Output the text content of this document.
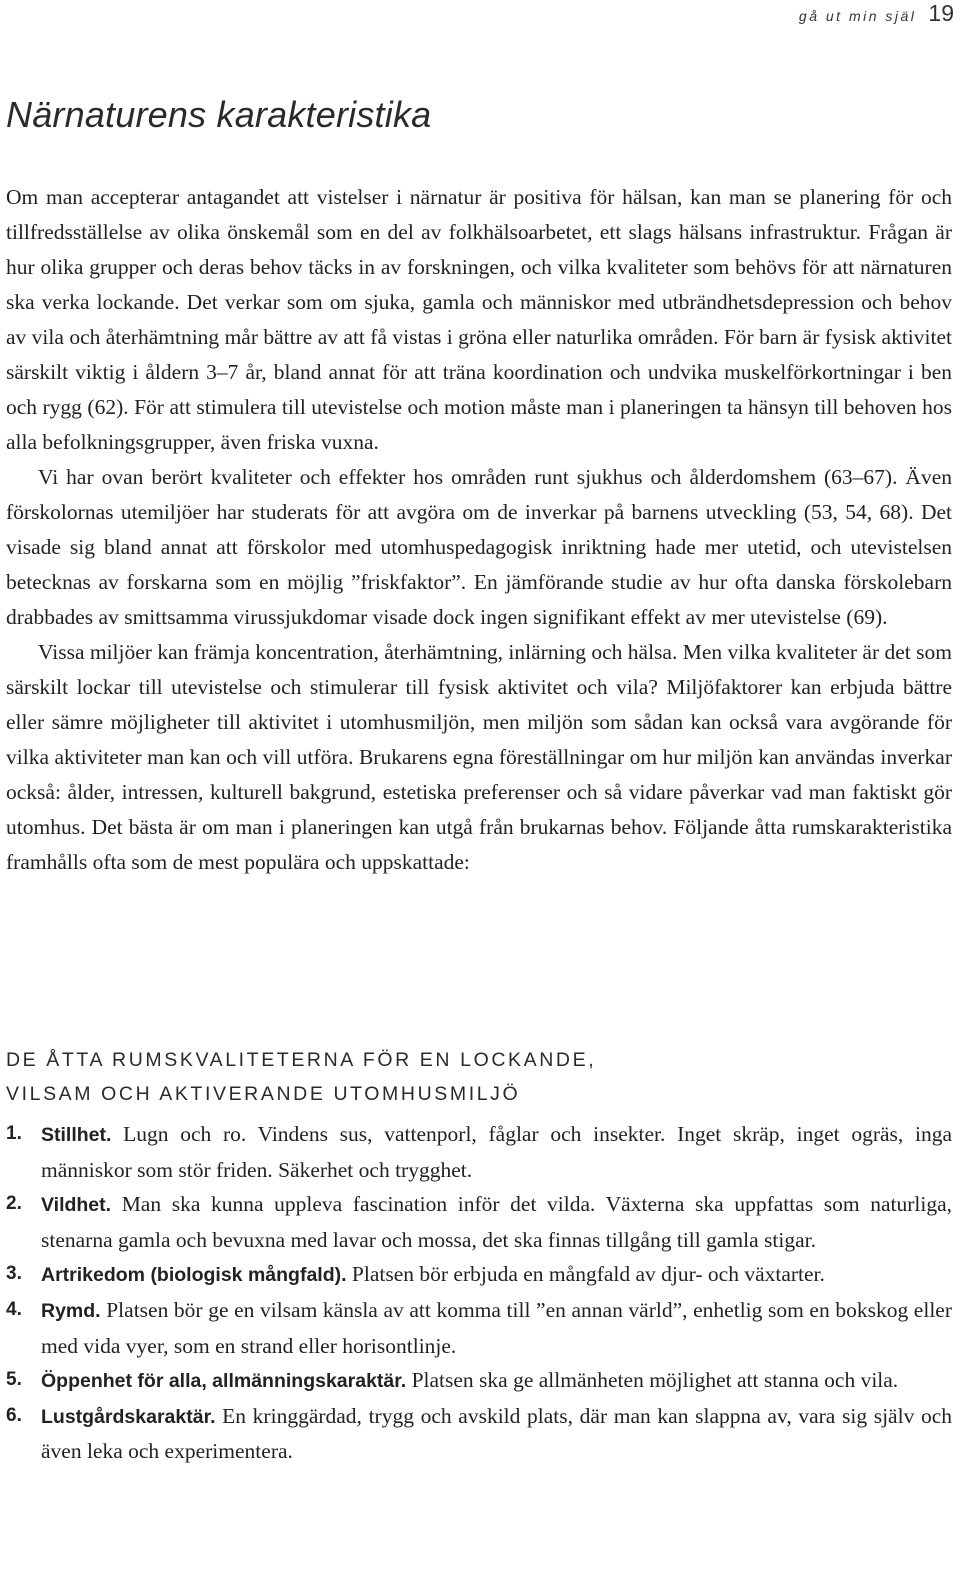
gå ut min själ 19
Närnaturens karakteristika

Om man accepterar antagandet att vistelser i närnatur är positiva för hälsan, kan man se planering för och tillfredsställelse av olika önskemål som en del av folkhälsoarbetet, ett slags hälsans infrastruktur. Frågan är hur olika grupper och deras behov täcks in av forskningen, och vilka kvaliteter som behövs för att närnaturen ska verka lockande. Det verkar som om sjuka, gamla och människor med utbrändhetsdepression och behov av vila och återhämtning mår bättre av att få vistas i gröna eller naturlika områden. För barn är fysisk aktivitet särskilt viktig i åldern 3–7 år, bland annat för att träna koordination och undvika muskelförkortningar i ben och rygg (62). För att stimulera till utevistelse och motion måste man i planeringen ta hänsyn till behoven hos alla befolkningsgrupper, även friska vuxna.

Vi har ovan berört kvaliteter och effekter hos områden runt sjukhus och ålderdomshem (63–67). Även förskolornas utemiljöer har studerats för att avgöra om de inverkar på barnens utveckling (53, 54, 68). Det visade sig bland annat att förskolor med utomhuspedagogisk inriktning hade mer utetid, och utevistelsen betecknas av forskarna som en möjlig ”friskfaktor”. En jämförande studie av hur ofta danska förskolebarn drabbades av smittsamma virussjukdomar visade dock ingen signifikant effekt av mer utevistelse (69).

Vissa miljöer kan främja koncentration, återhämtning, inlärning och hälsa. Men vilka kvaliteter är det som särskilt lockar till utevistelse och stimulerar till fysisk aktivitet och vila? Miljöfaktorer kan erbjuda bättre eller sämre möjligheter till aktivitet i utomhusmiljön, men miljön som sådan kan också vara avgörande för vilka aktiviteter man kan och vill utföra. Brukarens egna föreställningar om hur miljön kan användas inverkar också: ålder, intressen, kulturell bakgrund, estetiska preferenser och så vidare påverkar vad man faktiskt gör utomhus. Det bästa är om man i planeringen kan utgå från brukarnas behov. Följande åtta rumskarakteristika framhålls ofta som de mest populära och uppskattade:

DE ÅTTA RUMSKVALITETERNA FÖR EN LOCKANDE,
VILSAM OCH AKTIVERANDE UTOMHUSMILJÖ
1. Stillhet. Lugn och ro. Vindens sus, vattenporl, fåglar och insekter. Inget skräp, inget ogräs, inga människor som stör friden. Säkerhet och trygghet.
2. Vildhet. Man ska kunna uppleva fascination inför det vilda. Växterna ska uppfattas som naturliga, stenarna gamla och bevuxna med lavar och mossa, det ska finnas tillgång till gamla stigar.
3. Artrikedom (biologisk mångfald). Platsen bör erbjuda en mångfald av djur- och växtarter.
4. Rymd. Platsen bör ge en vilsam känsla av att komma till ”en annan värld”, enhetlig som en bokskog eller med vida vyer, som en strand eller horisontlinje.
5. Öppenhet för alla, allmänningskaraktär. Platsen ska ge allmänheten möjlighet att stanna och vila.
6. Lustgårdskaraktär. En kringgärdad, trygg och avskild plats, där man kan slappna av, vara sig själv och även leka och experimentera.
